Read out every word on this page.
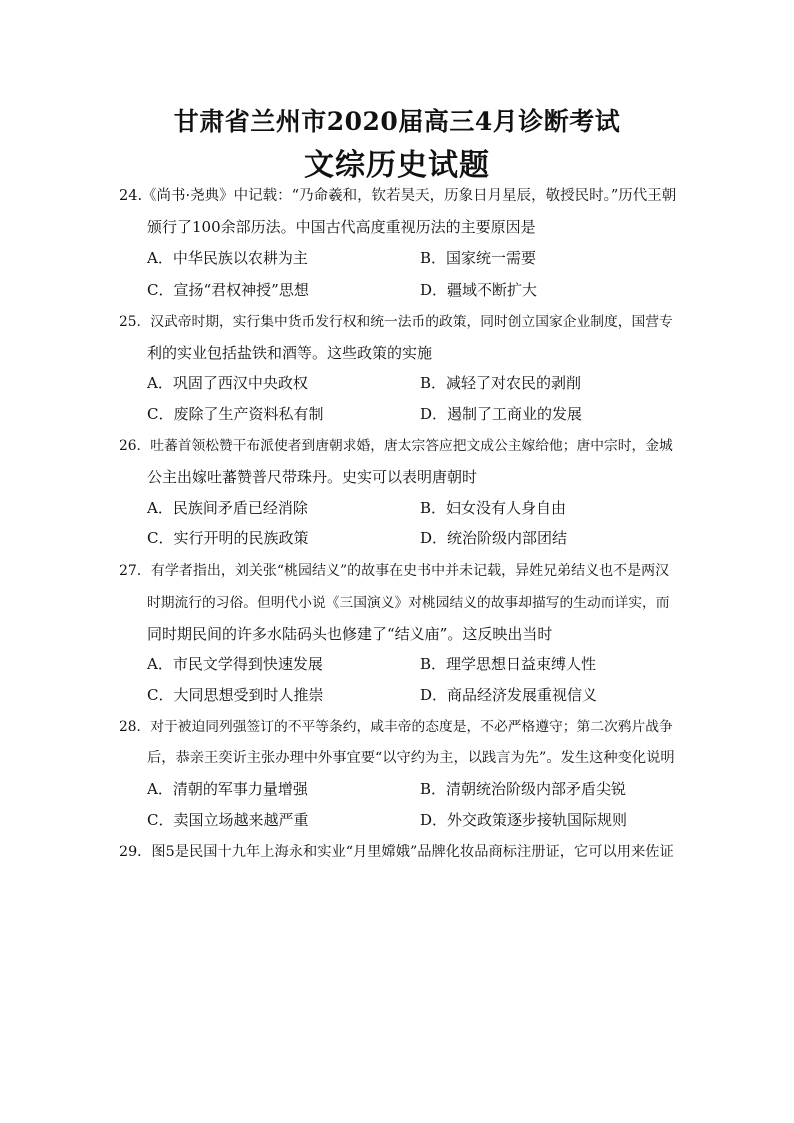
甘肃省兰州市2020届高三4月诊断考试
文综历史试题
24.《尚书·尧典》中记载：“乃命羲和，钦若昊天，历象日月星辰，敬授民时。”历代王朝
颁行了100余部历法。中国古代高度重视历法的主要原因是
A．中华民族以农耕为主	B．国家统一需要
C．宣扬“君权神授”思想	D．疆域不断扩大
25．汉武帝时期，实行集中货币发行权和统一法币的政策，同时创立国家企业制度，国营专
利的实业包括盐铁和酒等。这些政策的实施
A．巩固了西汉中央政权	B．减轻了对农民的剥削
C．废除了生产资料私有制	D．遏制了工商业的发展
26．吐蕃首领松赞干布派使者到唐朝求婚，唐太宗答应把文成公主嫁给他；唐中宗时，金城
公主出嫁吐蕃赞普尺带珠丹。史实可以表明唐朝时
A．民族间矛盾已经消除	B．妇女没有人身自由
C．实行开明的民族政策	D．统治阶级内部团结
27．有学者指出，刘关张“桃园结义”的故事在史书中并未记载，异姓兄弟结义也不是两汉
时期流行的习俗。但明代小说《三国演义》对桃园结义的故事却描写的生动而详实，而
同时期民间的许多水陆码头也修建了“结义庙”。这反映出当时
A．市民文学得到快速发展	B．理学思想日益束缚人性
C．大同思想受到时人推崇	D．商品经济发展重视信义
28．对于被迫同列强签订的不平等条约，咸丰帝的态度是，不必严格遵守；第二次鸦片战争
后，恭亲王奕䜣主张办理中外事宜要“以守约为主，以践言为先”。发生这种变化说明
A．清朝的军事力量增强	B．清朝统治阶级内部矛盾尖锐
C．卖国立场越来越严重	D．外交政策逐步接轨国际规则
29．图5是民国十九年上海永和实业“月里嫦娥”品牌化妆品商标注册证，它可以用来佐证
